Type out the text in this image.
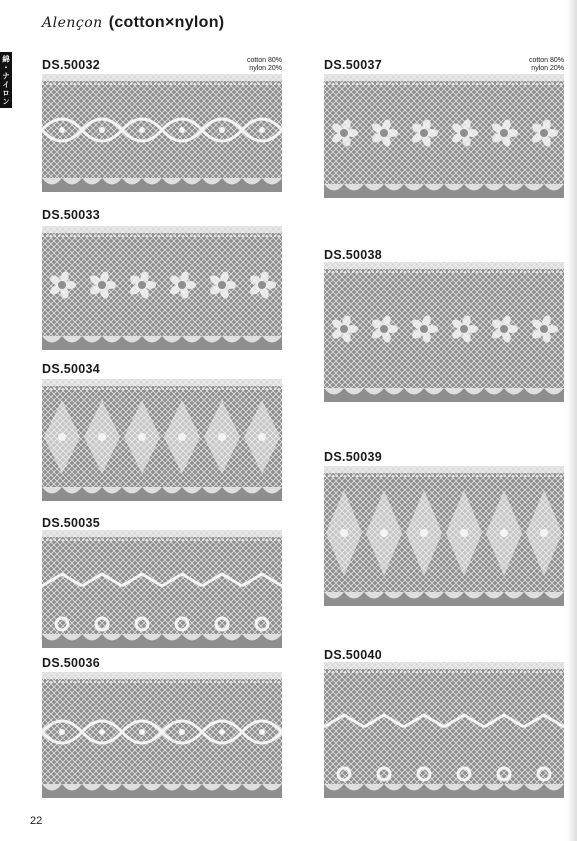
Alençon (cotton×nylon)
綿・ナイロン	DS.50032	cotton 80%
nylon 20%
DS.50033
DS.50034
DS.50035
DS.50036
DS.50037	cotton 80%
nylon 20%
DS.50038
DS.50039
DS.50040
22
